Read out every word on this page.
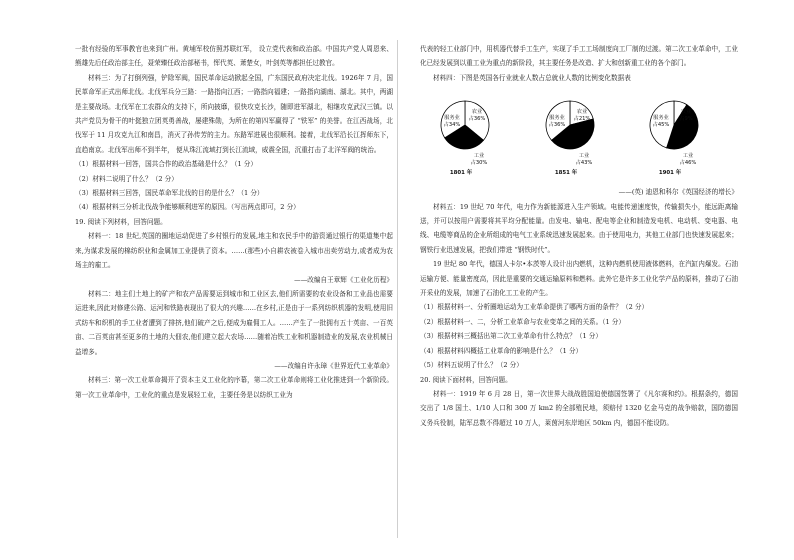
一批有经验的军事教官也来到广州。黄埔军校仿照苏联红军， 设立党代表和政治部。中国共产党人周恩来、熊雄先后任政治部主任，聂荣臻任政治部秘书，恽代英、萧楚女，叶剑英等都担任过教官。

材料三：为了打倒列强，铲除军阀，国民革命运动掀起全国，广东国民政府决定北伐。1926年 7 月，国民革命军正式出师北伐。北伐军兵分三路：一路指向江西；一路指向福建；一路指向湖南、湖北。其中，两湖是主要战场。北伐军在工农群众的支持下，所向披靡，很快攻克长沙，随即进军湖北，相继攻克武汉三镇。以共产党员为骨干的叶挺独立团英勇善战，屡建殊勋，为所在的第四军赢得了 “铁军” 的美誉。在江西战场，北伐军于 11 月攻克九江和南昌，消灭了孙传芳的主力。东路军进展也很顺利。接着，北伐军沿长江挥师东下，直趋南京。北伐军出师不到半年， 便从珠江流域打到长江流域，威震全国，沉重打击了北洋军阀的统治。

（1）根据材料一回答，国共合作的政治基础是什么？（1 分）

（2）材料二说明了什么？（2 分）

（3）根据材料三回答，国民革命军北伐的目的是什么？（1 分）

（4）根据材料三分析北伐战争能够顺利进军的原因。（写出两点即可，2 分）

19. 阅读下列材料，回答问题。

材料一：18 世纪,英国的圈地运动促进了乡村银行的发展,地主和农民手中的游资通过银行的渠道集中起来,为谋求发展的棉纺织业和金属加工业提供了资本。……(那些)小自耕农被卷入城市出卖劳动力,或者成为农场主的雇工。

——改编自王章辉《工业化历程》

材料二：地主们土地上的矿产和农产品需要运到城市和工业区去,他们所需要的农业设备和工业品也需要运进来,因此对修建公路、运河和铁路表现出了很大的兴趣……在乡村,正是由于一系列纺织机器的发明,使用旧式纺车和织机的手工业者遭到了排挤,他们破产之后,便成为雇佣工人。……产生了一批拥有五十英亩、一百英亩、二百英亩甚至更多的土地的大佃农,他们建立起大农场……随着冶铁工业和机器制造业的发展,农业机械日益增多。

——改编自许永璋《世界近代工业革命》

材料三：第一次工业革命揭开了资本主义工业化的序幕，第二次工业革命则将工业化推进到一个新阶段。第一次工业革命中，工业化的重点是发展轻工业，主要任务是以纺织工业为

代表的轻工业部门中，用机器代替手工生产，实现了手工工场制度向工厂制的过渡。第二次工业革命中，工业化已经发展到以重工业为重点的新阶段，其主要任务是改造、扩大和创新重工业的各个部门。

材料四：下图是英国各行业就业人数占总就业人数的比例变化数据表

农业
占36%
服务业
占34%
工业
占30%
1801 年
农业
占21%
服务业
占36%
工业
占43%
1851 年
农业
占9%
服务业
占45%
工业
占46%
1901 年

——(英) 迪恩和科尔《英国经济的增长》

材料五：19 世纪 70 年代，电力作为新能源进入生产领域。电能传递速度快，传输损失小，能远距离输送，并可以按用户需要将其平均分配能量。由发电、输电、配电等企业和制造发电机、电动机、变电器、电线、电缆等商品的企业所组成的电气工业系统迅速发展起来。由于使用电力，其他工业部门也快速发展起来；钢铁行业迅速发展，把我们带进 “钢铁时代”。

19 世纪 80 年代，德国人卡尔•本茨等人设计出内燃机，这种内燃机使用液体燃料，在汽缸内爆发。石油运输方便、能量密度高，因此是重要的交通运输原料和燃料。此外它是许多工业化学产品的原料，推动了石油开采业的发展，加速了石油化工工业的产生。

（1）根据材料一、分析圈地运动为工业革命提供了哪两方面的条件？（2 分）

（2）根据材料一、二，分析工业革命与农业变革之间的关系。（1 分）

（3）根据材料三概括出第二次工业革命有什么特点？（1 分）

（4）根据材料四概括工业革命的影响是什么？（1 分）

（5）材料五说明了什么？（2 分）

20. 阅读下面材料，回答问题。

材料一：1919 年 6 月 28 日，第一次世界大战战胜国迫使德国签署了《凡尔赛和约》。根据条约，德国交出了 1/8 国土、1/10 人口和 300 万 km2 的全部殖民地，须赔付 1320 亿金马克的战争赔款，国防德国义务兵役制，陆军总数不得超过 10 万人，莱茵河东岸地区 50km 内，德国不能设防。
